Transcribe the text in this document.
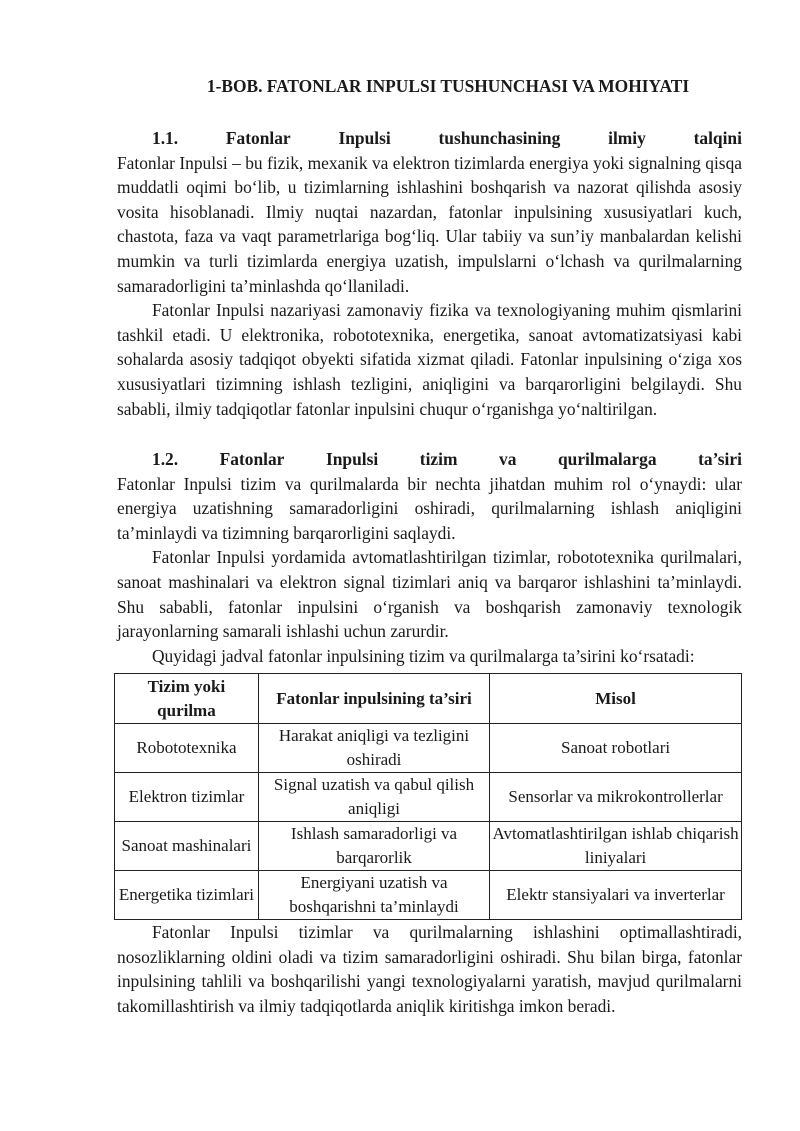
1-BOB. FATONLAR INPULSI TUSHUNCHASI VA MOHIYATI
1.1.	Fatonlar	Inpulsi	tushunchasining	ilmiy	talqini

Fatonlar Inpulsi – bu fizik, mexanik va elektron tizimlarda energiya yoki signalning qisqa muddatli oqimi bo‘lib, u tizimlarning ishlashini boshqarish va nazorat qilishda asosiy vosita hisoblanadi. Ilmiy nuqtai nazardan, fatonlar inpulsining xususiyatlari kuch, chastota, faza va vaqt parametrlariga bog‘liq. Ular tabiiy va sun’iy manbalardan kelishi mumkin va turli tizimlarda energiya uzatish, impulslarni o‘lchash va qurilmalarning samaradorligini ta’minlashda qo‘llaniladi.

Fatonlar Inpulsi nazariyasi zamonaviy fizika va texnologiyaning muhim qismlarini tashkil etadi. U elektronika, robototexnika, energetika, sanoat avtomatizatsiyasi kabi sohalarda asosiy tadqiqot obyekti sifatida xizmat qiladi. Fatonlar inpulsining o‘ziga xos xususiyatlari tizimning ishlash tezligini, aniqligini va barqarorligini belgilaydi. Shu sababli, ilmiy tadqiqotlar fatonlar inpulsini chuqur o‘rganishga yo‘naltirilgan.

1.2. Fatonlar Inpulsi tizim va qurilmalarga ta’siri

Fatonlar Inpulsi tizim va qurilmalarda bir nechta jihatdan muhim rol o‘ynaydi: ular energiya uzatishning samaradorligini oshiradi, qurilmalarning ishlash aniqligini ta’minlaydi va tizimning barqarorligini saqlaydi.

Fatonlar Inpulsi yordamida avtomatlashtirilgan tizimlar, robototexnika qurilmalari, sanoat mashinalari va elektron signal tizimlari aniq va barqaror ishlashini ta’minlaydi. Shu sababli, fatonlar inpulsini o‘rganish va boshqarish zamonaviy texnologik jarayonlarning samarali ishlashi uchun zarurdir.

Quyidagi jadval fatonlar inpulsining tizim va qurilmalarga ta’sirini ko‘rsatadi:

Tizim yoki qurilma	Fatonlar inpulsining ta’siri	Misol
Robototexnika	Harakat aniqligi va tezligini oshiradi	Sanoat robotlari
Elektron tizimlar	Signal uzatish va qabul qilish aniqligi	Sensorlar va mikrokontrollerlar
Sanoat mashinalari	Ishlash samaradorligi va barqarorlik	Avtomatlashtirilgan ishlab chiqarish liniyalari
Energetika tizimlari	Energiyani uzatish va boshqarishni ta’minlaydi	Elektr stansiyalari va inverterlar

Fatonlar Inpulsi tizimlar va qurilmalarning ishlashini optimallashtiradi, nosozliklarning oldini oladi va tizim samaradorligini oshiradi. Shu bilan birga, fatonlar inpulsining tahlili va boshqarilishi yangi texnologiyalarni yaratish, mavjud qurilmalarni takomillashtirish va ilmiy tadqiqotlarda aniqlik kiritishga imkon beradi.
